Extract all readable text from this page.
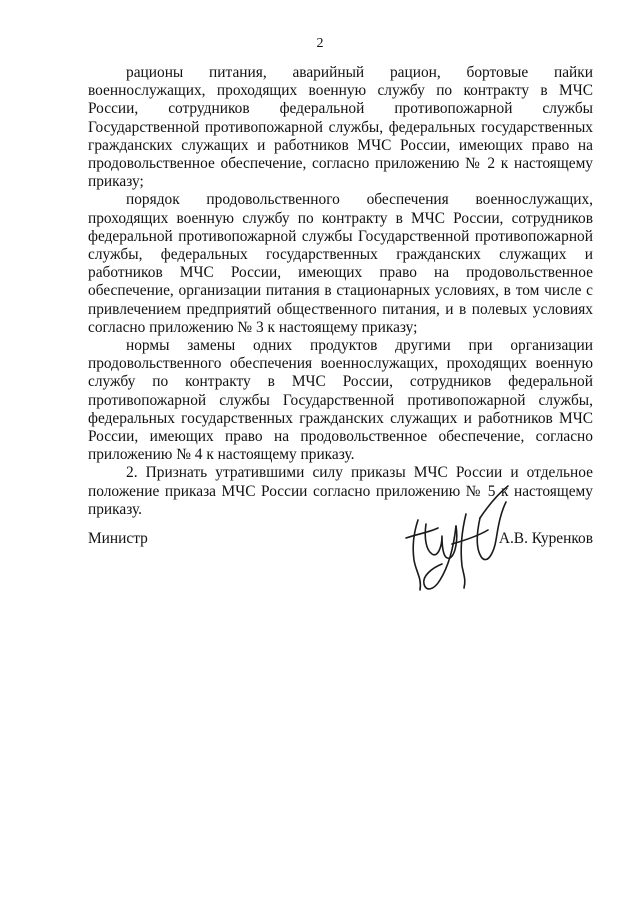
2

рационы питания, аварийный рацион, бортовые пайки военнослужащих, проходящих военную службу по контракту в МЧС России, сотрудников федеральной противопожарной службы Государственной противопожарной службы, федеральных государственных гражданских служащих и работников МЧС России, имеющих право на продовольственное обеспечение, согласно приложению № 2 к настоящему приказу;

порядок продовольственного обеспечения военнослужащих, проходящих военную службу по контракту в МЧС России, сотрудников федеральной противопожарной службы Государственной противопожарной службы, федеральных государственных гражданских служащих и работников МЧС России, имеющих право на продовольственное обеспечение, организации питания в стационарных условиях, в том числе с привлечением предприятий общественного питания, и в полевых условиях согласно приложению № 3 к настоящему приказу;

нормы замены одних продуктов другими при организации продовольственного обеспечения военнослужащих, проходящих военную службу по контракту в МЧС России, сотрудников федеральной противопожарной службы Государственной противопожарной службы, федеральных государственных гражданских служащих и работников МЧС России, имеющих право на продовольственное обеспечение, согласно приложению № 4 к настоящему приказу.

2. Признать утратившими силу приказы МЧС России и отдельное положение приказа МЧС России согласно приложению № 5 к настоящему приказу.

Министр	А.В. Куренков
